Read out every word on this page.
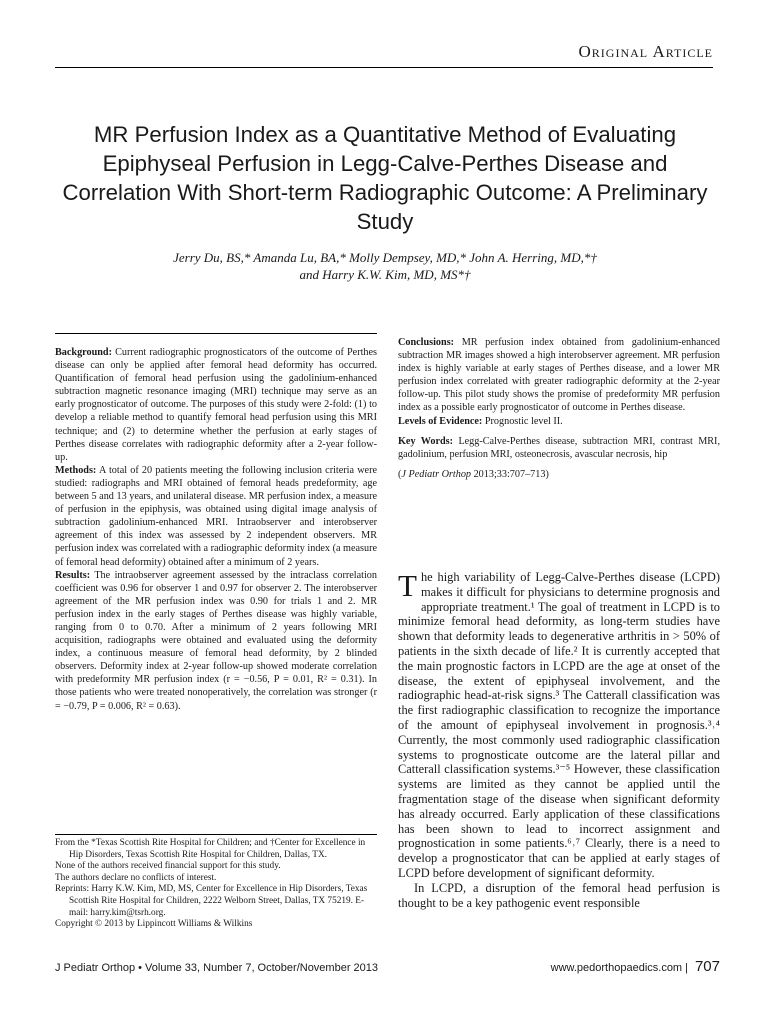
Original Article
MR Perfusion Index as a Quantitative Method of Evaluating Epiphyseal Perfusion in Legg-Calve-Perthes Disease and Correlation With Short-term Radiographic Outcome: A Preliminary Study
Jerry Du, BS,* Amanda Lu, BA,* Molly Dempsey, MD,* John A. Herring, MD,*†
and Harry K.W. Kim, MD, MS*†

Background: Current radiographic prognosticators of the outcome of Perthes disease can only be applied after femoral head deformity has occurred. Quantification of femoral head perfusion using the gadolinium-enhanced subtraction magnetic resonance imaging (MRI) technique may serve as an early prognosticator of outcome. The purposes of this study were 2-fold: (1) to develop a reliable method to quantify femoral head perfusion using this MRI technique; and (2) to determine whether the perfusion at early stages of Perthes disease correlates with radiographic deformity after a 2-year follow-up.

Methods: A total of 20 patients meeting the following inclusion criteria were studied: radiographs and MRI obtained of femoral heads predeformity, age between 5 and 13 years, and unilateral disease. MR perfusion index, a measure of perfusion in the epiphysis, was obtained using digital image analysis of subtraction gadolinium-enhanced MRI. Intraobserver and interobserver agreement of this index was assessed by 2 independent observers. MR perfusion index was correlated with a radiographic deformity index (a measure of femoral head deformity) obtained after a minimum of 2 years.

Results: The intraobserver agreement assessed by the intraclass correlation coefficient was 0.96 for observer 1 and 0.97 for observer 2. The interobserver agreement of the MR perfusion index was 0.90 for trials 1 and 2. MR perfusion index in the early stages of Perthes disease was highly variable, ranging from 0 to 0.70. After a minimum of 2 years following MRI acquisition, radiographs were obtained and evaluated using the deformity index, a continuous measure of femoral head deformity, by 2 blinded observers. Deformity index at 2-year follow-up showed moderate correlation with predeformity MR perfusion index (r = −0.56, P = 0.01, R² = 0.31). In those patients who were treated nonoperatively, the correlation was stronger (r = −0.79, P = 0.006, R² = 0.63).

From the *Texas Scottish Rite Hospital for Children; and †Center for Excellence in Hip Disorders, Texas Scottish Rite Hospital for Children, Dallas, TX.
None of the authors received financial support for this study.
The authors declare no conflicts of interest.
Reprints: Harry K.W. Kim, MD, MS, Center for Excellence in Hip Disorders, Texas Scottish Rite Hospital for Children, 2222 Welborn Street, Dallas, TX 75219. E-mail: harry.kim@tsrh.org.
Copyright © 2013 by Lippincott Williams & Wilkins

Conclusions: MR perfusion index obtained from gadolinium-enhanced subtraction MR images showed a high interobserver agreement. MR perfusion index is highly variable at early stages of Perthes disease, and a lower MR perfusion index correlated with greater radiographic deformity at the 2-year follow-up. This pilot study shows the promise of predeformity MR perfusion index as a possible early prognosticator of outcome in Perthes disease.
Levels of Evidence: Prognostic level II.

Key Words: Legg-Calve-Perthes disease, subtraction MRI, contrast MRI, gadolinium, perfusion MRI, osteonecrosis, avascular necrosis, hip

(J Pediatr Orthop 2013;33:707–713)

T he high variability of Legg-Calve-Perthes disease (LCPD) makes it difficult for physicians to determine prognosis and appropriate treatment.¹ The goal of treatment in LCPD is to minimize femoral head deformity, as long-term studies have shown that deformity leads to degenerative arthritis in > 50% of patients in the sixth decade of life.² It is currently accepted that the main prognostic factors in LCPD are the age at onset of the disease, the extent of epiphyseal involvement, and the radiographic head-at-risk signs.³ The Catterall classification was the first radiographic classification to recognize the importance of the amount of epiphyseal involvement in prognosis.³˒⁴ Currently, the most commonly used radiographic classification systems to prognosticate outcome are the lateral pillar and Catterall classification systems.³⁻⁵ However, these classification systems are limited as they cannot be applied until the fragmentation stage of the disease when significant deformity has already occurred. Early application of these classifications has been shown to lead to incorrect assignment and prognostication in some patients.⁶˒⁷ Clearly, there is a need to develop a prognosticator that can be applied at early stages of LCPD before development of significant deformity.

In LCPD, a disruption of the femoral head perfusion is thought to be a key pathogenic event responsible

J Pediatr Orthop • Volume 33, Number 7, October/November 2013	www.pedorthopaedics.com | 707
